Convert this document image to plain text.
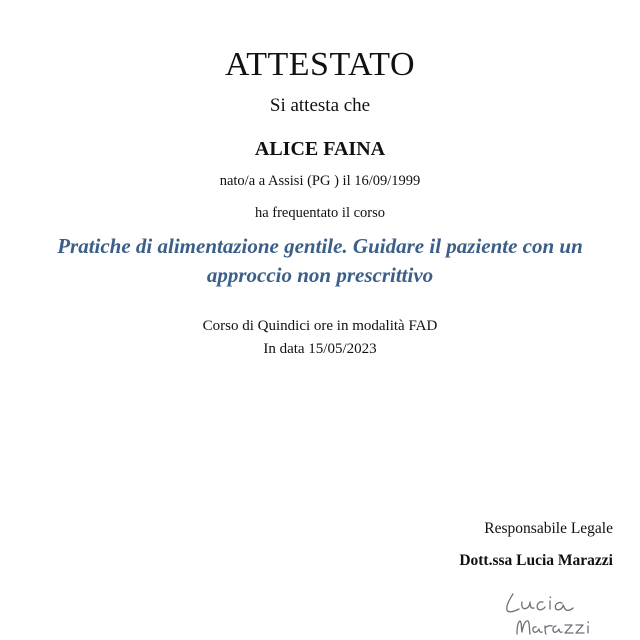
ATTESTATO
Si attesta che
ALICE FAINA
nato/a a Assisi (PG ) il 16/09/1999
ha frequentato il corso
Pratiche di alimentazione gentile. Guidare il paziente con un approccio non prescrittivo
Corso di Quindici ore in modalità FAD
In data 15/05/2023
Responsabile Legale
Dott.ssa Lucia Marazzi
